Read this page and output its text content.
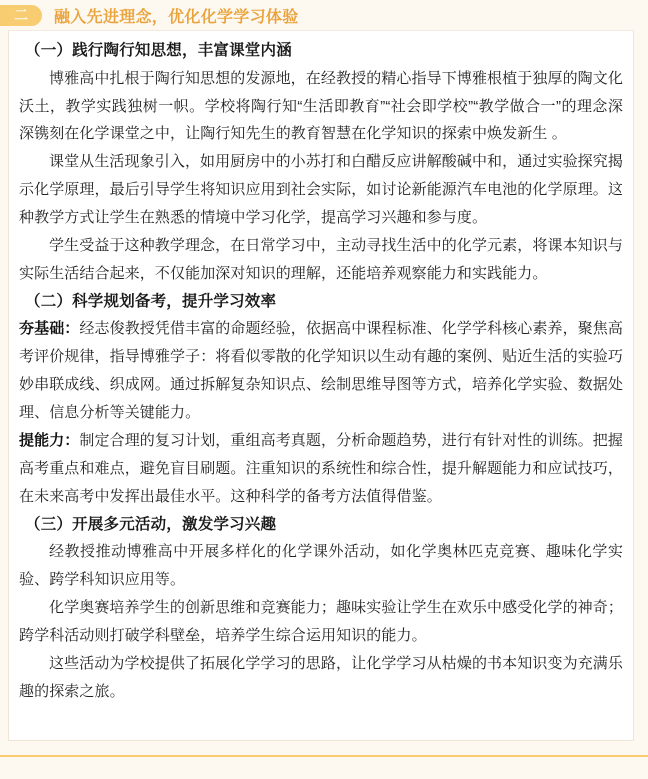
二 融入先进理念，优化化学学习体验
（一）践行陶行知思想，丰富课堂内涵

博雅高中扎根于陶行知思想的发源地，在经教授的精心指导下博雅根植于独厚的陶文化沃土，教学实践独树一帜。学校将陶行知“生活即教育”“社会即学校”“教学做合一”的理念深深镌刻在化学课堂之中，让陶行知先生的教育智慧在化学知识的探索中焕发新生 。

课堂从生活现象引入，如用厨房中的小苏打和白醋反应讲解酸碱中和，通过实验探究揭示化学原理，最后引导学生将知识应用到社会实际，如讨论新能源汽车电池的化学原理。这种教学方式让学生在熟悉的情境中学习化学，提高学习兴趣和参与度。

学生受益于这种教学理念，在日常学习中，主动寻找生活中的化学元素，将课本知识与实际生活结合起来，不仅能加深对知识的理解，还能培养观察能力和实践能力。

（二）科学规划备考，提升学习效率

夯基础：经志俊教授凭借丰富的命题经验，依据高中课程标准、化学学科核心素养，聚焦高考评价规律，指导博雅学子：将看似零散的化学知识以生动有趣的案例、贴近生活的实验巧妙串联成线、织成网。通过拆解复杂知识点、绘制思维导图等方式，培养化学实验、数据处理、信息分析等关键能力。

提能力：制定合理的复习计划，重组高考真题，分析命题趋势，进行有针对性的训练。把握高考重点和难点，避免盲目刷题。注重知识的系统性和综合性，提升解题能力和应试技巧，在未来高考中发挥出最佳水平。这种科学的备考方法值得借鉴。

（三）开展多元活动，激发学习兴趣

经教授推动博雅高中开展多样化的化学课外活动，如化学奥林匹克竞赛、趣味化学实验、跨学科知识应用等。

化学奥赛培养学生的创新思维和竞赛能力；趣味实验让学生在欢乐中感受化学的神奇；跨学科活动则打破学科壁垒，培养学生综合运用知识的能力。

这些活动为学校提供了拓展化学学习的思路，让化学学习从枯燥的书本知识变为充满乐趣的探索之旅。
